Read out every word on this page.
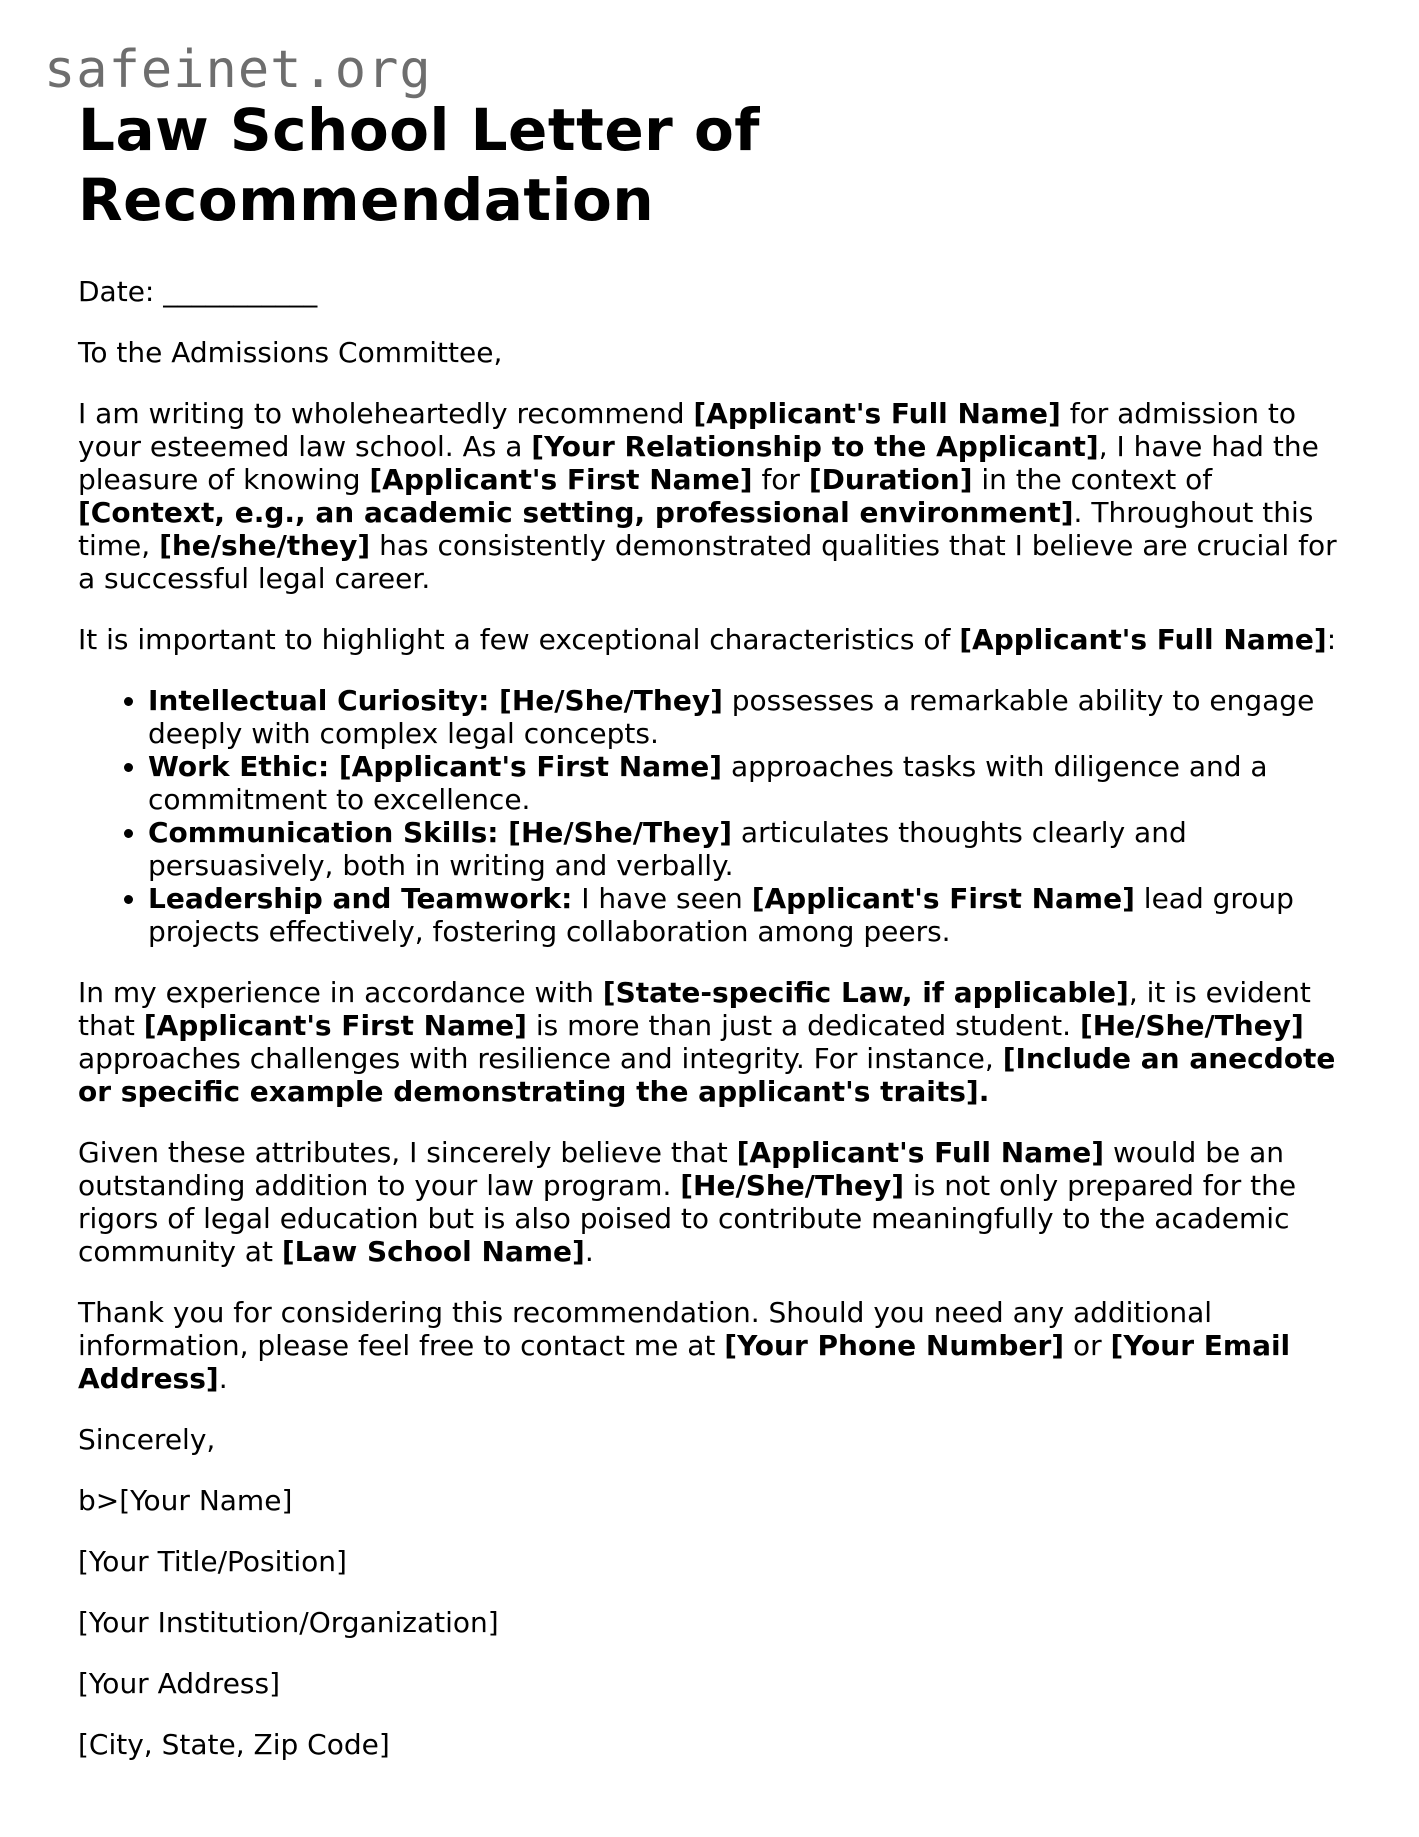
safeinet.org
Law School Letter of Recommendation

Date: ___________

To the Admissions Committee,

I am writing to wholeheartedly recommend [Applicant's Full Name] for admission to your esteemed law school. As a [Your Relationship to the Applicant], I have had the pleasure of knowing [Applicant's First Name] for [Duration] in the context of [Context, e.g., an academic setting, professional environment]. Throughout this time, [he/she/they] has consistently demonstrated qualities that I believe are crucial for a successful legal career.

It is important to highlight a few exceptional characteristics of [Applicant's Full Name]:

• Intellectual Curiosity: [He/She/They] possesses a remarkable ability to engage deeply with complex legal concepts.
• Work Ethic: [Applicant's First Name] approaches tasks with diligence and a commitment to excellence.
• Communication Skills: [He/She/They] articulates thoughts clearly and persuasively, both in writing and verbally.
• Leadership and Teamwork: I have seen [Applicant's First Name] lead group projects effectively, fostering collaboration among peers.

In my experience in accordance with [State-specific Law, if applicable], it is evident that [Applicant's First Name] is more than just a dedicated student. [He/She/They] approaches challenges with resilience and integrity. For instance, [Include an anecdote or specific example demonstrating the applicant's traits].

Given these attributes, I sincerely believe that [Applicant's Full Name] would be an outstanding addition to your law program. [He/She/They] is not only prepared for the rigors of legal education but is also poised to contribute meaningfully to the academic community at [Law School Name].

Thank you for considering this recommendation. Should you need any additional information, please feel free to contact me at [Your Phone Number] or [Your Email Address].

Sincerely,

b>[Your Name]

[Your Title/Position]

[Your Institution/Organization]

[Your Address]

[City, State, Zip Code]
